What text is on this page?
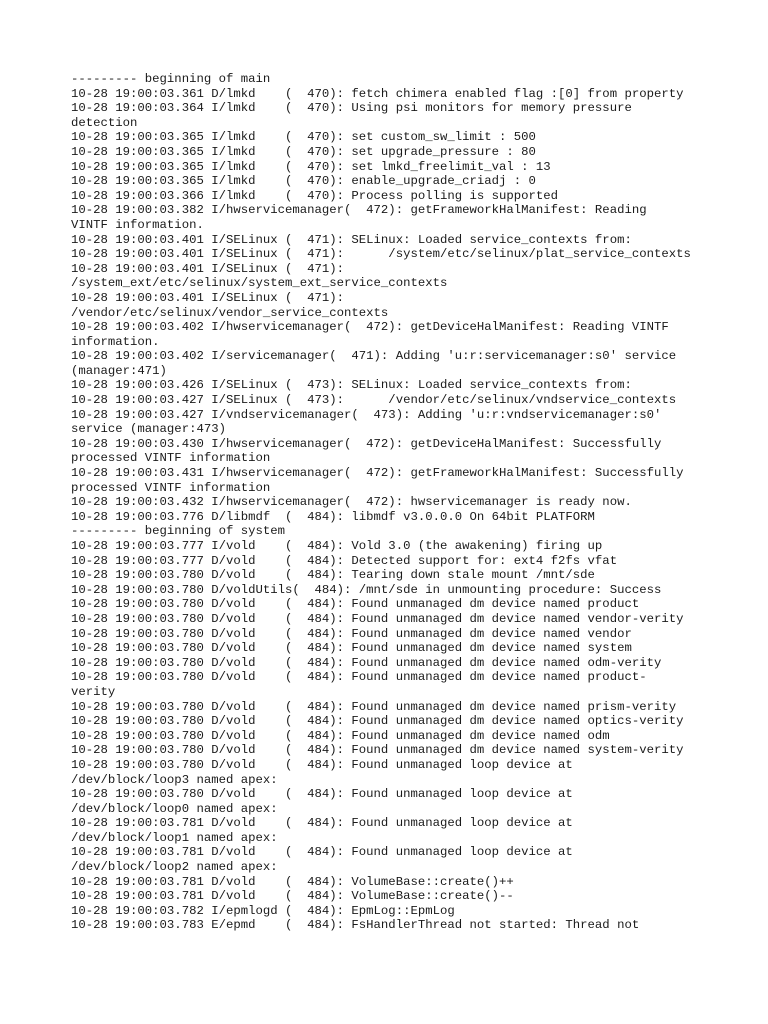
--------- beginning of main
10-28 19:00:03.361 D/lmkd    (  470): fetch chimera enabled flag :[0] from property
10-28 19:00:03.364 I/lmkd    (  470): Using psi monitors for memory pressure
detection
10-28 19:00:03.365 I/lmkd    (  470): set custom_sw_limit : 500
10-28 19:00:03.365 I/lmkd    (  470): set upgrade_pressure : 80
10-28 19:00:03.365 I/lmkd    (  470): set lmkd_freelimit_val : 13
10-28 19:00:03.365 I/lmkd    (  470): enable_upgrade_criadj : 0
10-28 19:00:03.366 I/lmkd    (  470): Process polling is supported
10-28 19:00:03.382 I/hwservicemanager(  472): getFrameworkHalManifest: Reading
VINTF information.
10-28 19:00:03.401 I/SELinux (  471): SELinux: Loaded service_contexts from:
10-28 19:00:03.401 I/SELinux (  471):      /system/etc/selinux/plat_service_contexts
10-28 19:00:03.401 I/SELinux (  471):
/system_ext/etc/selinux/system_ext_service_contexts
10-28 19:00:03.401 I/SELinux (  471):
/vendor/etc/selinux/vendor_service_contexts
10-28 19:00:03.402 I/hwservicemanager(  472): getDeviceHalManifest: Reading VINTF
information.
10-28 19:00:03.402 I/servicemanager(  471): Adding 'u:r:servicemanager:s0' service
(manager:471)
10-28 19:00:03.426 I/SELinux (  473): SELinux: Loaded service_contexts from:
10-28 19:00:03.427 I/SELinux (  473):      /vendor/etc/selinux/vndservice_contexts
10-28 19:00:03.427 I/vndservicemanager(  473): Adding 'u:r:vndservicemanager:s0'
service (manager:473)
10-28 19:00:03.430 I/hwservicemanager(  472): getDeviceHalManifest: Successfully
processed VINTF information
10-28 19:00:03.431 I/hwservicemanager(  472): getFrameworkHalManifest: Successfully
processed VINTF information
10-28 19:00:03.432 I/hwservicemanager(  472): hwservicemanager is ready now.
10-28 19:00:03.776 D/libmdf  (  484): libmdf v3.0.0.0 On 64bit PLATFORM
--------- beginning of system
10-28 19:00:03.777 I/vold    (  484): Vold 3.0 (the awakening) firing up
10-28 19:00:03.777 D/vold    (  484): Detected support for: ext4 f2fs vfat
10-28 19:00:03.780 D/vold    (  484): Tearing down stale mount /mnt/sde
10-28 19:00:03.780 D/voldUtils(  484): /mnt/sde in unmounting procedure: Success
10-28 19:00:03.780 D/vold    (  484): Found unmanaged dm device named product
10-28 19:00:03.780 D/vold    (  484): Found unmanaged dm device named vendor-verity
10-28 19:00:03.780 D/vold    (  484): Found unmanaged dm device named vendor
10-28 19:00:03.780 D/vold    (  484): Found unmanaged dm device named system
10-28 19:00:03.780 D/vold    (  484): Found unmanaged dm device named odm-verity
10-28 19:00:03.780 D/vold    (  484): Found unmanaged dm device named product-
verity
10-28 19:00:03.780 D/vold    (  484): Found unmanaged dm device named prism-verity
10-28 19:00:03.780 D/vold    (  484): Found unmanaged dm device named optics-verity
10-28 19:00:03.780 D/vold    (  484): Found unmanaged dm device named odm
10-28 19:00:03.780 D/vold    (  484): Found unmanaged dm device named system-verity
10-28 19:00:03.780 D/vold    (  484): Found unmanaged loop device at
/dev/block/loop3 named apex:
10-28 19:00:03.780 D/vold    (  484): Found unmanaged loop device at
/dev/block/loop0 named apex:
10-28 19:00:03.781 D/vold    (  484): Found unmanaged loop device at
/dev/block/loop1 named apex:
10-28 19:00:03.781 D/vold    (  484): Found unmanaged loop device at
/dev/block/loop2 named apex:
10-28 19:00:03.781 D/vold    (  484): VolumeBase::create()++
10-28 19:00:03.781 D/vold    (  484): VolumeBase::create()--
10-28 19:00:03.782 I/epmlogd (  484): EpmLog::EpmLog
10-28 19:00:03.783 E/epmd    (  484): FsHandlerThread not started: Thread not
